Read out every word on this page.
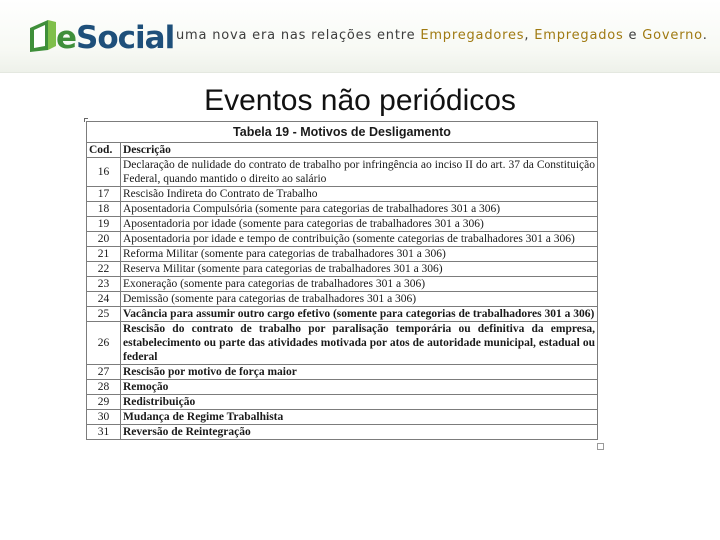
eSocial uma nova era nas relações entre Empregadores, Empregados e Governo.
Eventos não periódicos
Tabela 19 - Motivos de Desligamento	
Cod.	Descrição
16	Declaração de nulidade do contrato de trabalho por infringência ao inciso II do art. 37 da Constituição Federal, quando mantido o direito ao salário
17	Rescisão Indireta do Contrato de Trabalho
18	Aposentadoria Compulsória (somente para categorias de trabalhadores 301 a 306)
19	Aposentadoria por idade (somente para categorias de trabalhadores 301 a 306)
20	Aposentadoria por idade e tempo de contribuição (somente categorias de trabalhadores 301 a 306)
21	Reforma Militar (somente para categorias de trabalhadores 301 a 306)
22	Reserva Militar (somente para categorias de trabalhadores 301 a 306)
23	Exoneração (somente para categorias de trabalhadores 301 a 306)
24	Demissão (somente para categorias de trabalhadores 301 a 306)
25	Vacância para assumir outro cargo efetivo (somente para categorias de trabalhadores 301 a 306)
26	Rescisão do contrato de trabalho por paralisação temporária ou definitiva da empresa, estabelecimento ou parte das atividades motivada por atos de autoridade municipal, estadual ou federal
27	Rescisão por motivo de força maior
28	Remoção
29	Redistribuição
30	Mudança de Regime Trabalhista
31	Reversão de Reintegração
